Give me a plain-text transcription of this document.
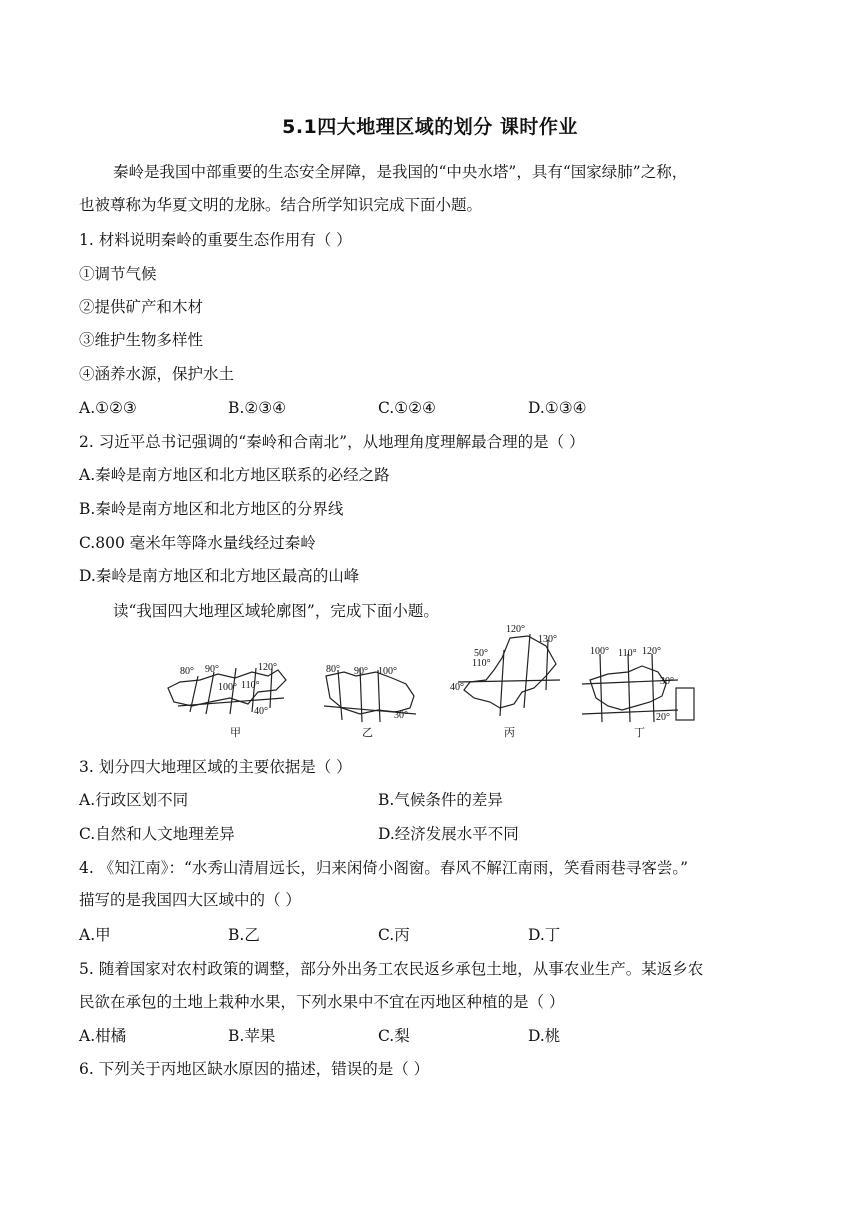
5.1四大地理区域的划分 课时作业
秦岭是我国中部重要的生态安全屏障，是我国的“中央水塔”，具有“国家绿肺”之称，
也被尊称为华夏文明的龙脉。结合所学知识完成下面小题。
1. 材料说明秦岭的重要生态作用有（ ）
①调节气候
②提供矿产和木材
③维护生物多样性
④涵养水源，保护水土
A.①②③	B.②③④	C.①②④	D.①③④
2. 习近平总书记强调的“秦岭和合南北”，从地理角度理解最合理的是（ ）
A.秦岭是南方地区和北方地区联系的必经之路
B.秦岭是南方地区和北方地区的分界线
C.800 毫米年等降水量线经过秦岭
D.秦岭是南方地区和北方地区最高的山峰
读“我国四大地理区域轮廓图”，完成下面小题。
80° 90°
100° 110°
120°
40°
甲
80° 90° 100°
30°
乙
120°
130°
50°
110°
40°
丙
100° 110° 120°
30°
20°
丁
3. 划分四大地理区域的主要依据是（ ）
A.行政区划不同	B.气候条件的差异
C.自然和人文地理差异	D.经济发展水平不同
4. 《知江南》：“水秀山清眉远长，归来闲倚小阁窗。春风不解江南雨，笑看雨巷寻客尝。”
描写的是我国四大区域中的（ ）
A.甲	B.乙	C.丙	D.丁
5. 随着国家对农村政策的调整，部分外出务工农民返乡承包土地，从事农业生产。某返乡农
民欲在承包的土地上栽种水果，下列水果中不宜在丙地区种植的是（ ）
A.柑橘	B.苹果	C.梨	D.桃
6. 下列关于丙地区缺水原因的描述，错误的是（ ）
